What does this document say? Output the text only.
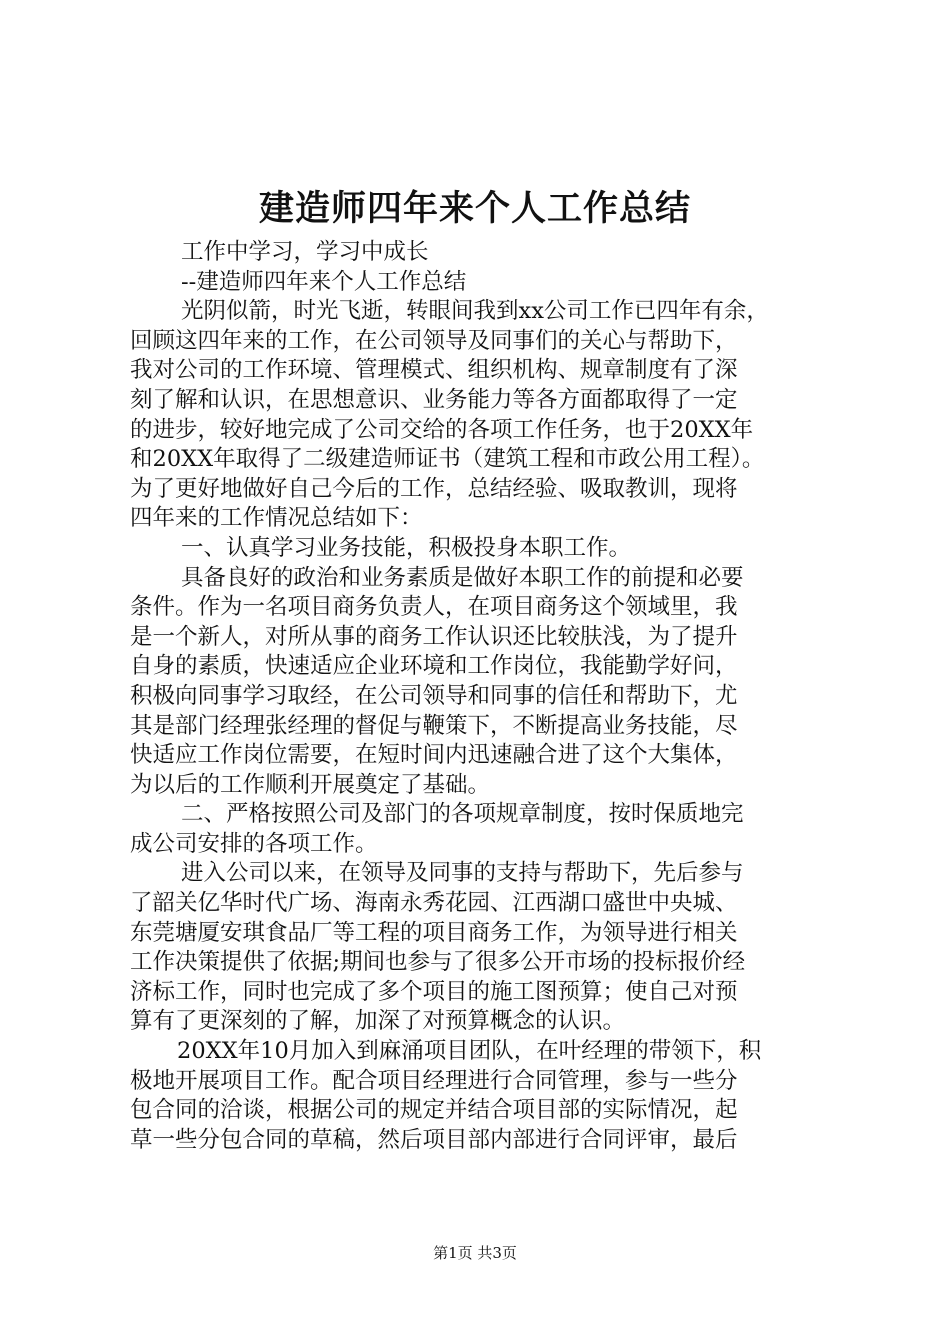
建造师四年来个人工作总结
工作中学习，学习中成长
--建造师四年来个人工作总结
光阴似箭，时光飞逝，转眼间我到xx公司工作已四年有余，
回顾这四年来的工作，在公司领导及同事们的关心与帮助下，
我对公司的工作环境、管理模式、组织机构、规章制度有了深
刻了解和认识，在思想意识、业务能力等各方面都取得了一定
的进步，较好地完成了公司交给的各项工作任务，也于20XX年
和20XX年取得了二级建造师证书（建筑工程和市政公用工程）。
为了更好地做好自己今后的工作，总结经验、吸取教训，现将
四年来的工作情况总结如下：
一、认真学习业务技能，积极投身本职工作。
具备良好的政治和业务素质是做好本职工作的前提和必要
条件。作为一名项目商务负责人，在项目商务这个领域里，我
是一个新人，对所从事的商务工作认识还比较肤浅，为了提升
自身的素质，快速适应企业环境和工作岗位，我能勤学好问，
积极向同事学习取经，在公司领导和同事的信任和帮助下，尤
其是部门经理张经理的督促与鞭策下，不断提高业务技能，尽
快适应工作岗位需要，在短时间内迅速融合进了这个大集体，
为以后的工作顺利开展奠定了基础。
二、严格按照公司及部门的各项规章制度，按时保质地完
成公司安排的各项工作。
进入公司以来，在领导及同事的支持与帮助下，先后参与
了韶关亿华时代广场、海南永秀花园、江西湖口盛世中央城、
东莞塘厦安琪食品厂等工程的项目商务工作，为领导进行相关
工作决策提供了依据;期间也参与了很多公开市场的投标报价经
济标工作，同时也完成了多个项目的施工图预算；使自己对预
算有了更深刻的了解，加深了对预算概念的认识。
20XX年10月加入到麻涌项目团队，在叶经理的带领下，积
极地开展项目工作。配合项目经理进行合同管理，参与一些分
包合同的洽谈，根据公司的规定并结合项目部的实际情况，起
草一些分包合同的草稿，然后项目部内部进行合同评审，最后
第1页 共3页
